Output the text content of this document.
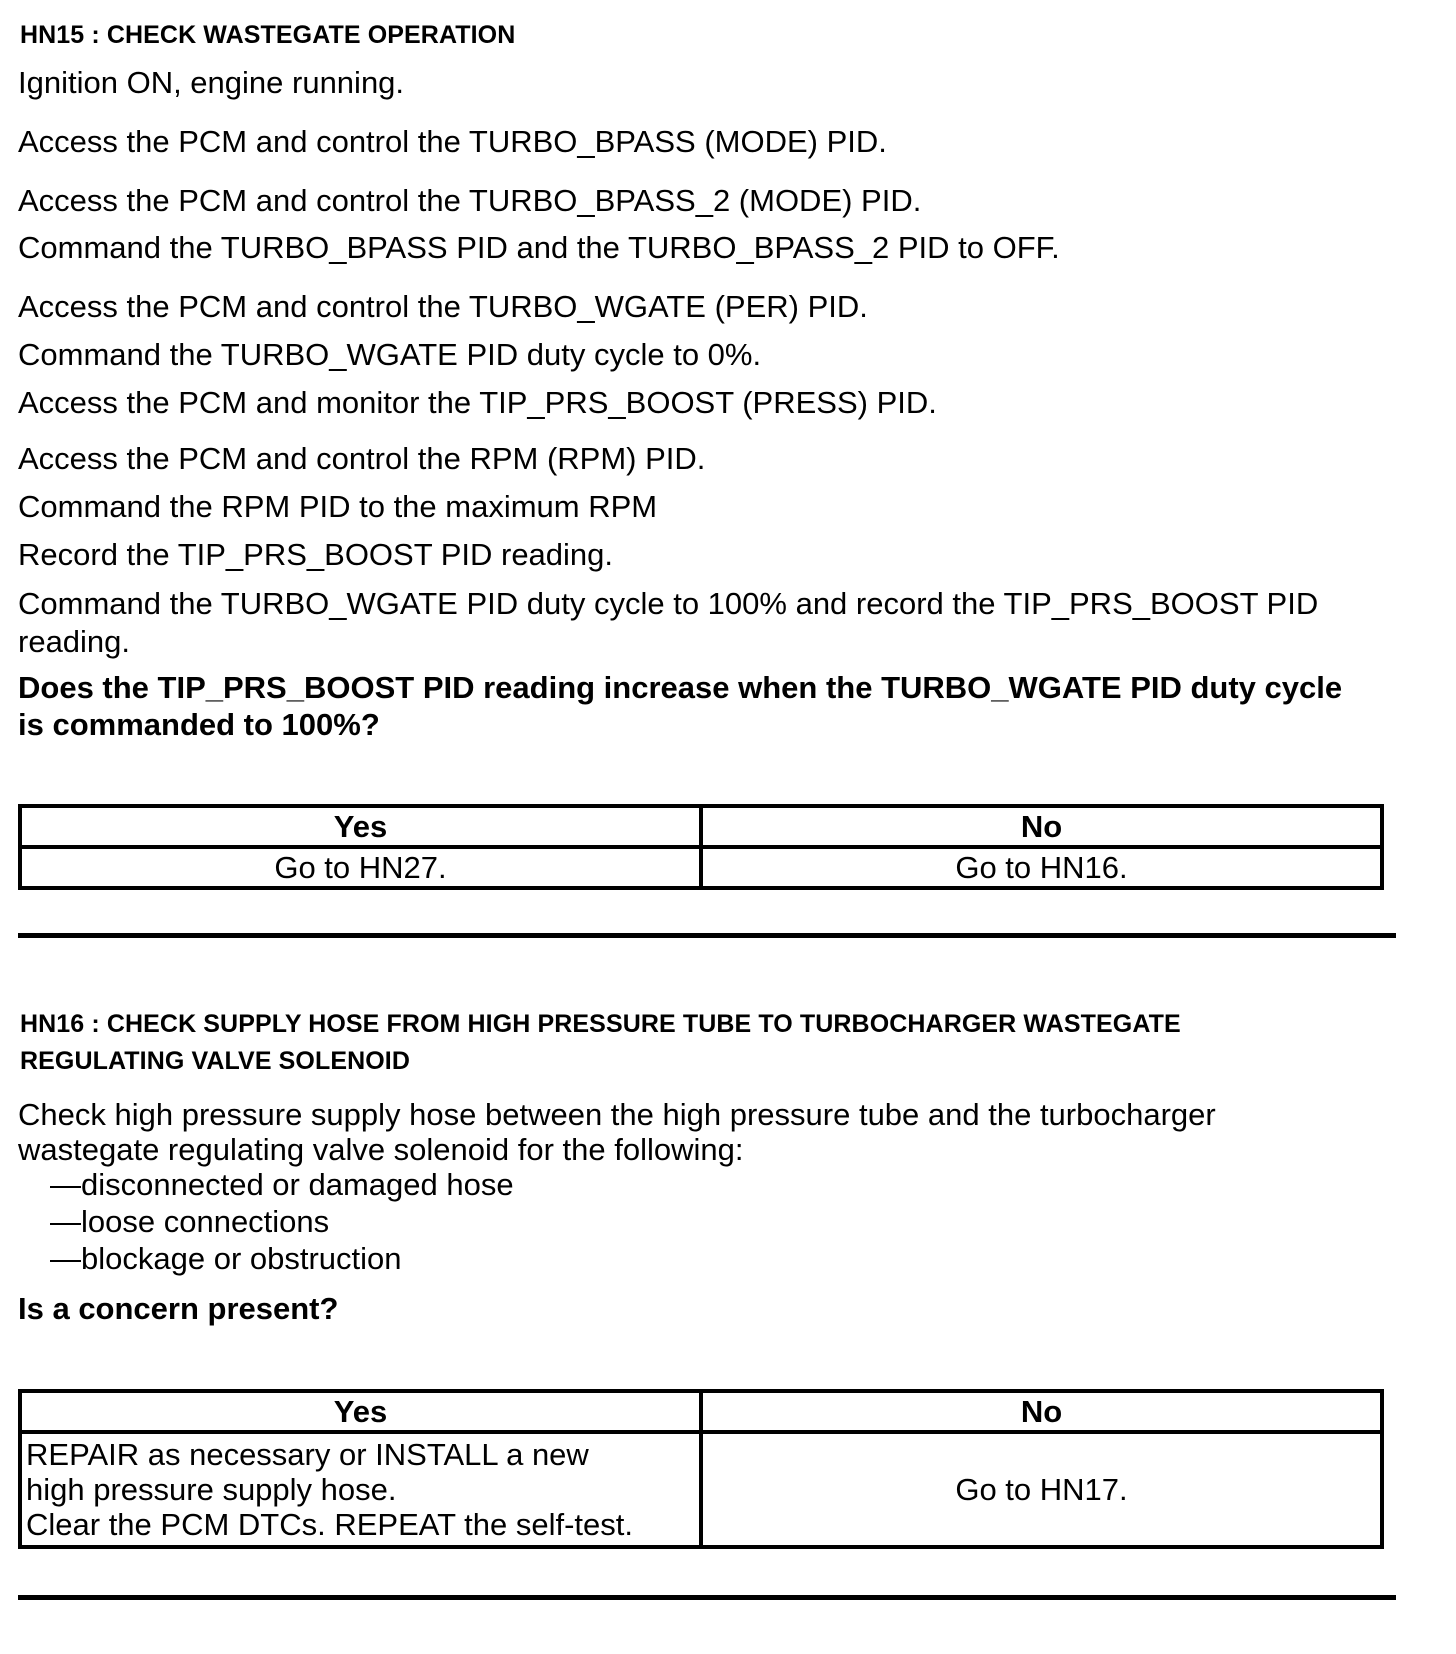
HN15 : CHECK WASTEGATE OPERATION
Ignition ON, engine running.
Access the PCM and control the TURBO_BPASS (MODE) PID.
Access the PCM and control the TURBO_BPASS_2 (MODE) PID.
Command the TURBO_BPASS PID and the TURBO_BPASS_2 PID to OFF.
Access the PCM and control the TURBO_WGATE (PER) PID.
Command the TURBO_WGATE PID duty cycle to 0%.
Access the PCM and monitor the TIP_PRS_BOOST (PRESS) PID.
Access the PCM and control the RPM (RPM) PID.
Command the RPM PID to the maximum RPM
Record the TIP_PRS_BOOST PID reading.
Command the TURBO_WGATE PID duty cycle to 100% and record the TIP_PRS_BOOST PID reading.
Does the TIP_PRS_BOOST PID reading increase when the TURBO_WGATE PID duty cycle is commanded to 100%?
Yes	No
Go to HN27.	Go to HN16.
HN16 : CHECK SUPPLY HOSE FROM HIGH PRESSURE TUBE TO TURBOCHARGER WASTEGATE
REGULATING VALVE SOLENOID
Check high pressure supply hose between the high pressure tube and the turbocharger wastegate regulating valve solenoid for the following:
—disconnected or damaged hose
—loose connections
—blockage or obstruction
Is a concern present?
Yes	No

REPAIR as necessary or INSTALL a new
high pressure supply hose.
Clear the PCM DTCs. REPEAT the self-test.	Go to HN17.
